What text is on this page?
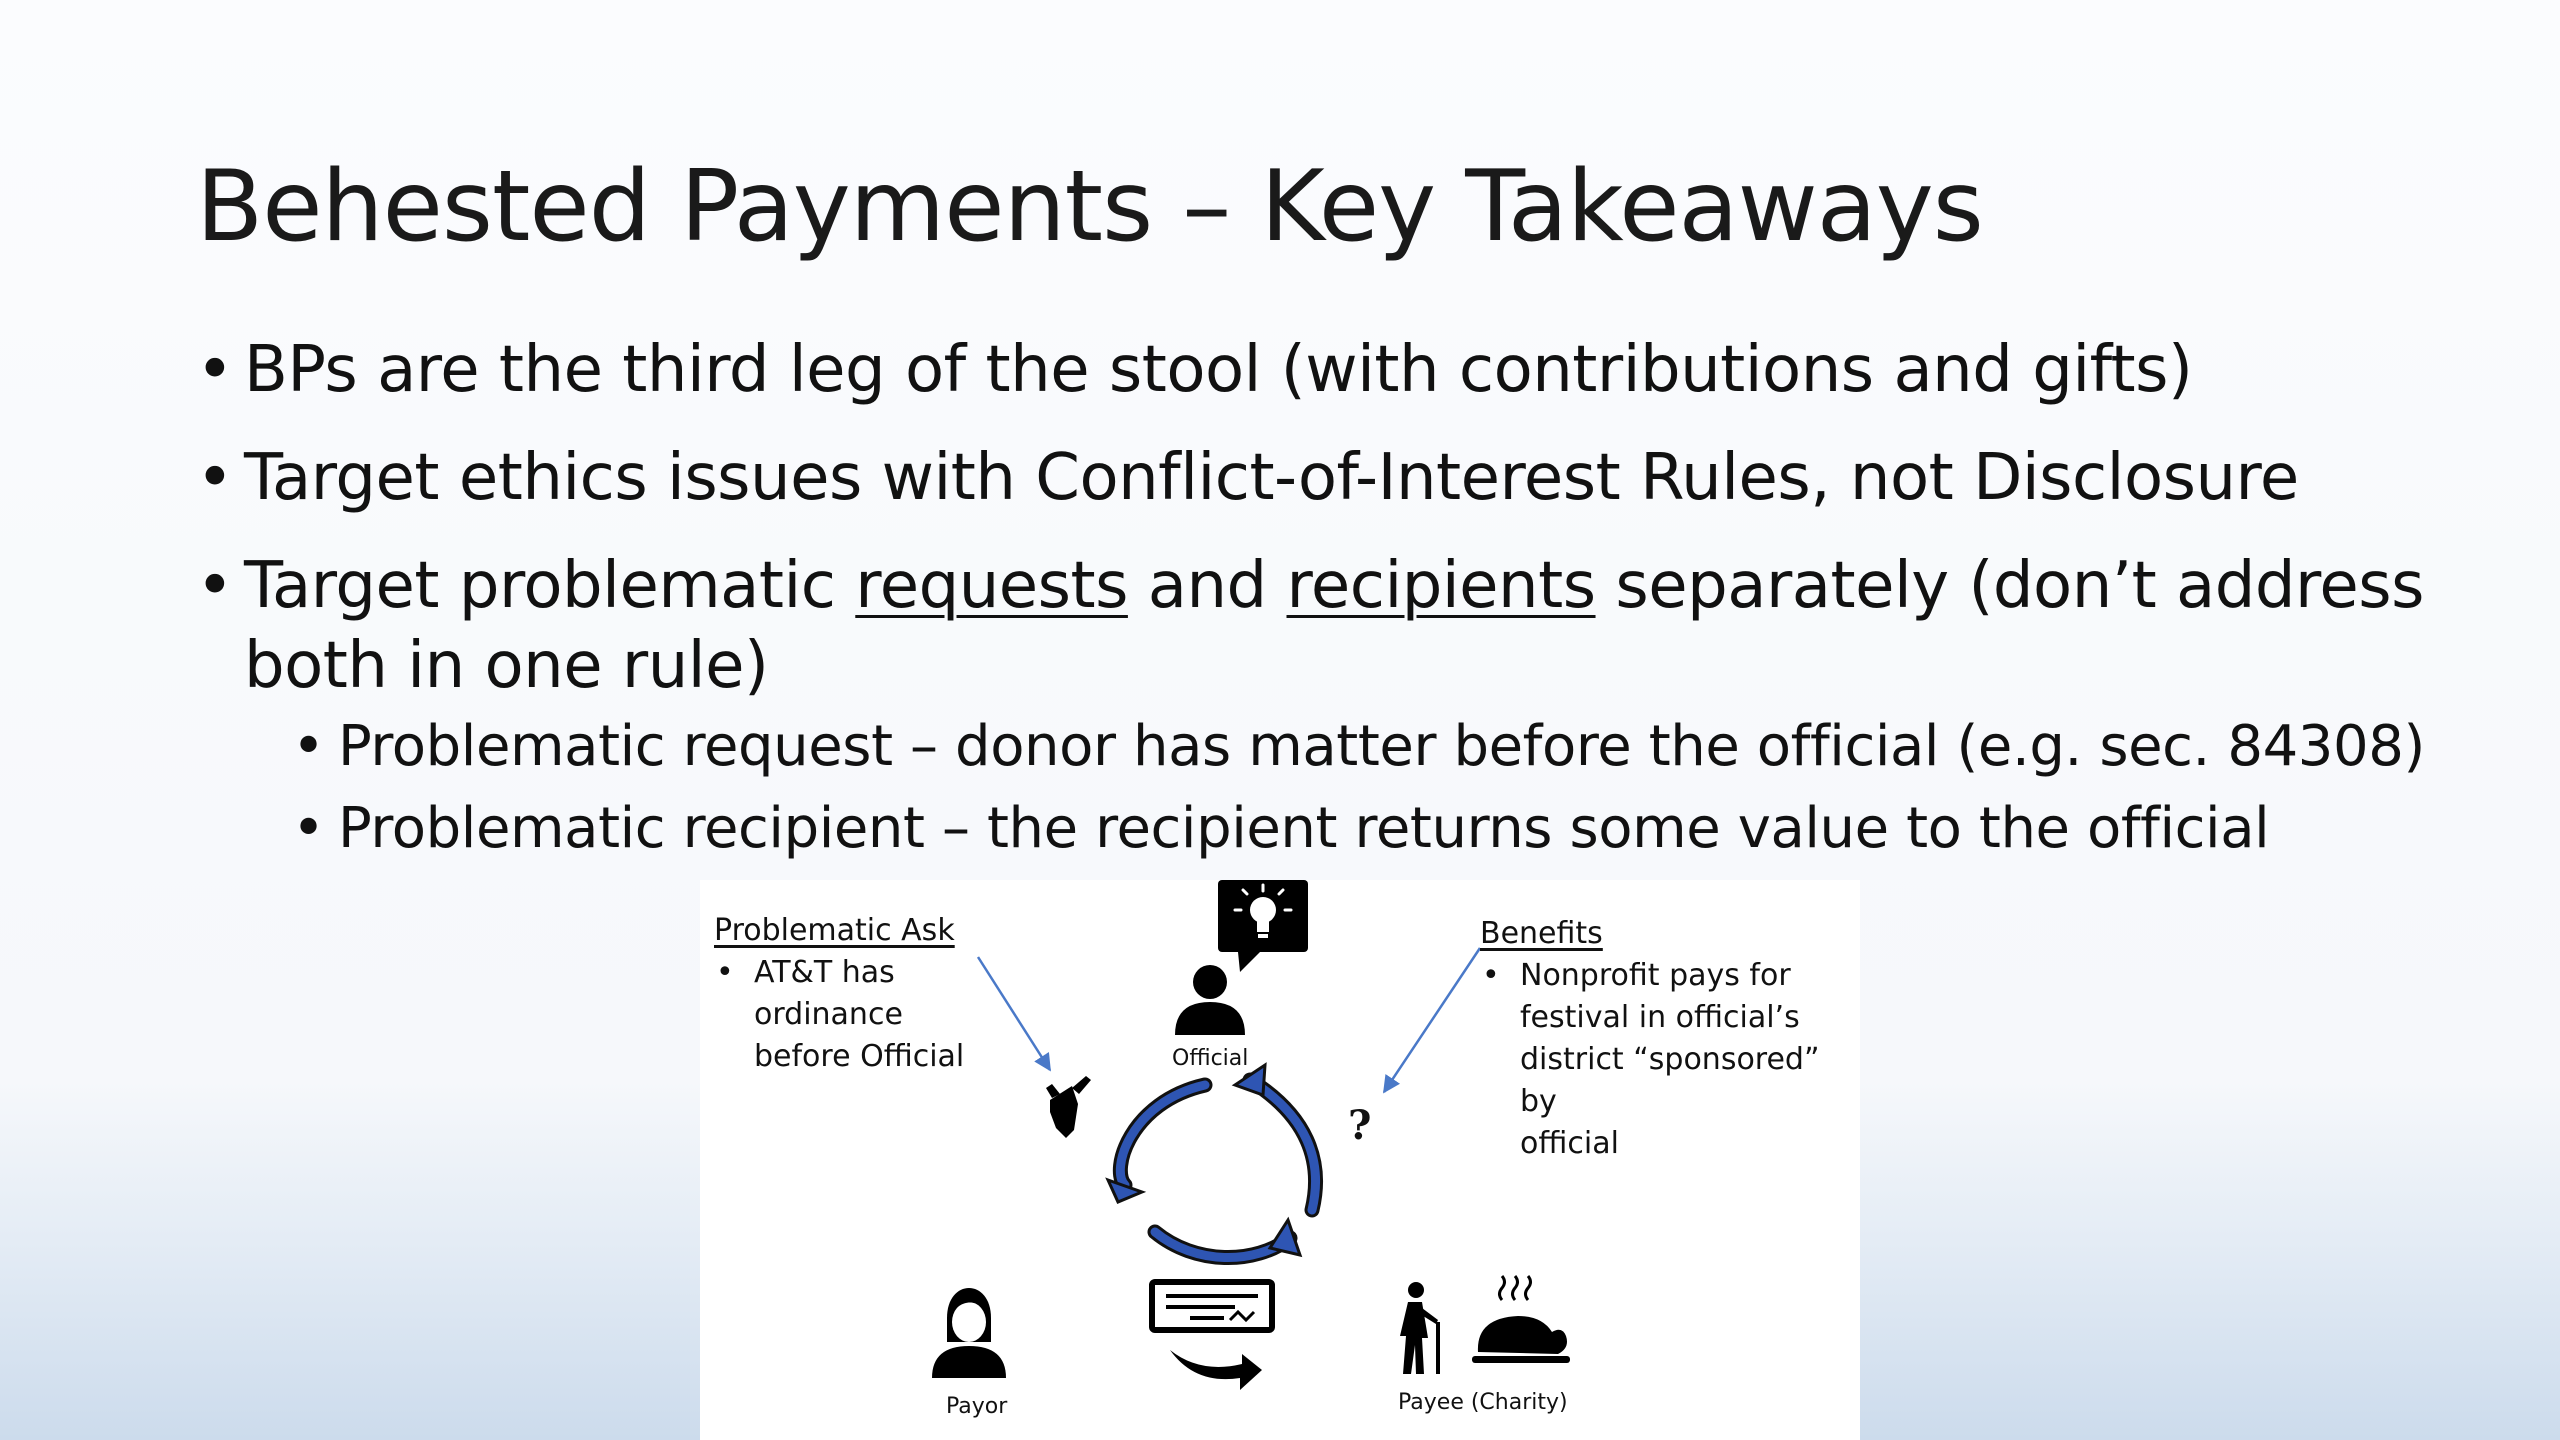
Behested Payments – Key Takeaways
• BPs are the third leg of the stool (with contributions and gifts)
• Target ethics issues with Conflict-of-Interest Rules, not Disclosure
• Target problematic requests and recipients separately (don’t address both in one rule)
• Problematic request – donor has matter before the official (e.g. sec. 84308)
• Problematic recipient – the recipient returns some value to the official
Problematic Ask
• AT&T has
ordinance
before Official
Benefits
• Nonprofit pays for
festival in official’s
district “sponsored” by
official
Official
Payor	Payee (Charity)
?
